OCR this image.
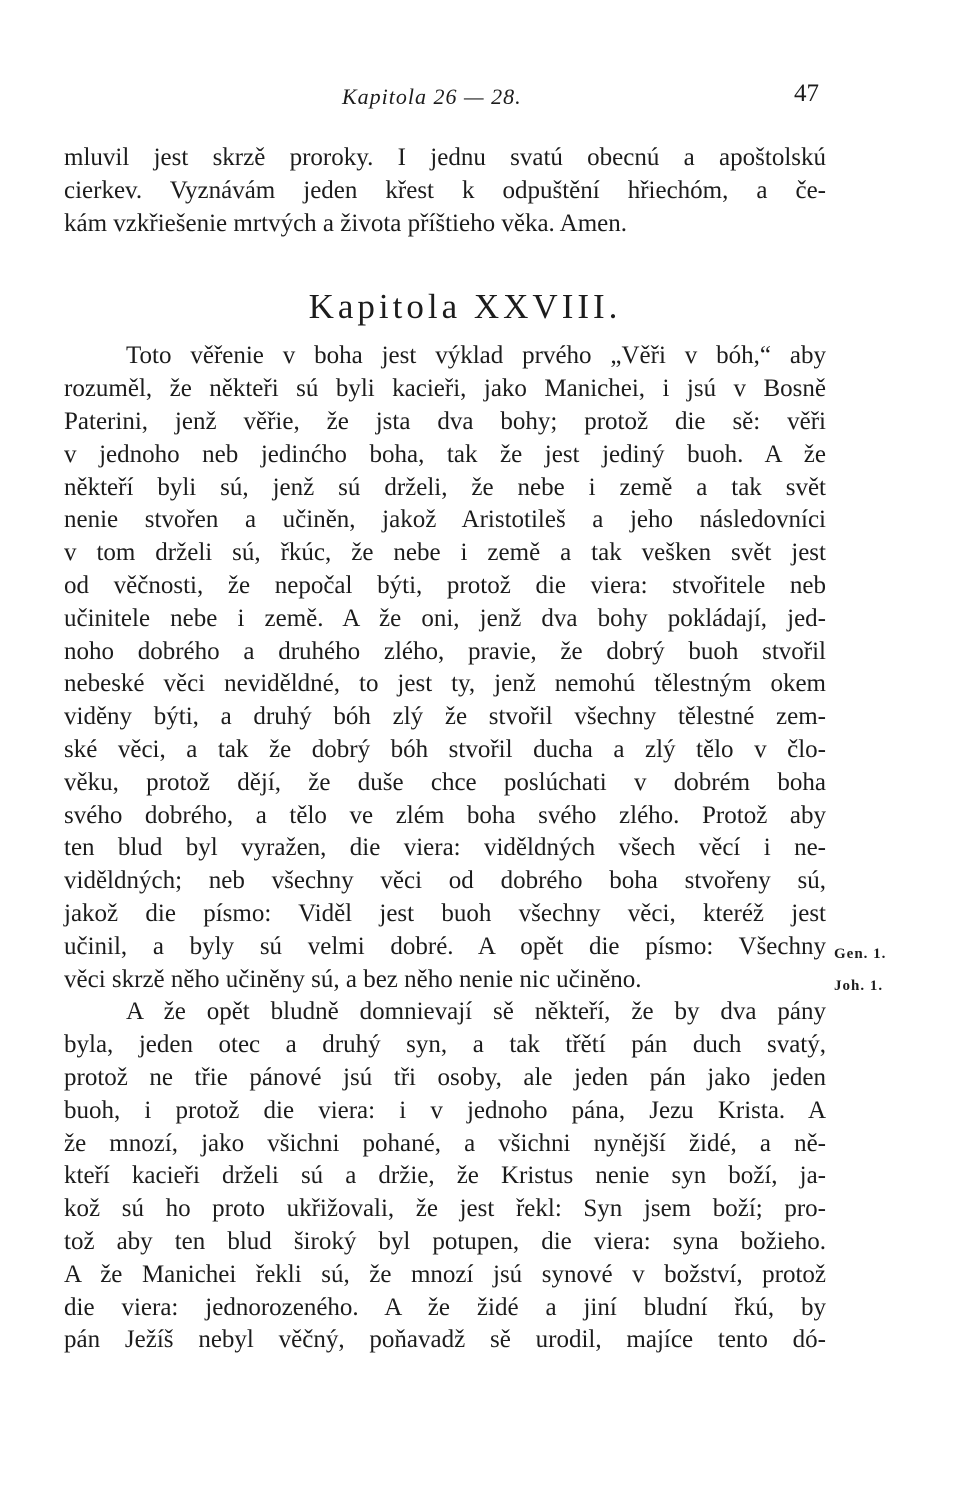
Kapitola 26 — 28.	47
mluvil jest skrzě proroky. I jednu svatú obecnú a apoštolskú
cierkev. Vyznávám jeden křest k odpuštění hřiechóm, a če-
kám vzkřiešenie mrtvých a života příštieho věka. Amen.
Kapitola XXVIII.
Toto věřenie v boha jest výklad prvého „Věři v bóh,“ aby
rozuměl, že někteři sú byli kacieři, jako Manichei, i jsú v Bosně
Paterini, jenž věřie, že jsta dva bohy; protož die sě: věři
v jednoho neb jedinćho boha, tak že jest jediný buoh. A že
někteří byli sú, jenž sú drželi, že nebe i země a tak svět
nenie stvořen a učiněn, jakož Aristotileš a jeho následovníci
v tom drželi sú, řkúc, že nebe i země a tak vešken svět jest
od věčnosti, že nepočal býti, protož die viera: stvořitele neb
učinitele nebe i země. A že oni, jenž dva bohy pokládají, jed-
noho dobrého a druhého zlého, pravie, že dobrý buoh stvořil
nebeské věci neviděldné, to jest ty, jenž nemohú tělestným okem
viděny býti, a druhý bóh zlý že stvořil všechny tělestné zem-
ské věci, a tak že dobrý bóh stvořil ducha a zlý tělo v člo-
věku, protož dějí, že duše chce poslúchati v dobrém boha
svého dobrého, a tělo ve zlém boha svého zlého. Protož aby
ten blud byl vyražen, die viera: viděldných všech věcí i ne-
viděldných; neb všechny věci od dobrého boha stvořeny sú,
jakož die písmo: Viděl jest buoh všechny věci, kteréž jest
učinil, a byly sú velmi dobré. A opět die písmo: Všechny
věci skrzě něho učiněny sú, a bez něho nenie nic učiněno.
A že opět bludně domnievají sě někteří, že by dva pány
byla, jeden otec a druhý syn, a tak třětí pán duch svatý,
protož ne třie pánové jsú tři osoby, ale jeden pán jako jeden
buoh, i protož die viera: i v jednoho pána, Jezu Krista. A
že mnozí, jako všichni pohané, a všichni nynější židé, a ně-
kteří kacieři drželi sú a držie, že Kristus nenie syn boží, ja-
kož sú ho proto ukřižovali, že jest řekl: Syn jsem boží; pro-
tož aby ten blud široký byl potupen, die viera: syna božieho.
A že Manichei řekli sú, že mnozí jsú synové v božství, protož
die viera: jednorozeného. A že židé a jiní bludní řkú, by
pán Ježíš nebyl věčný, poňavadž sě urodil, majíce tento dó-
Gen. 1.
Joh. 1.
